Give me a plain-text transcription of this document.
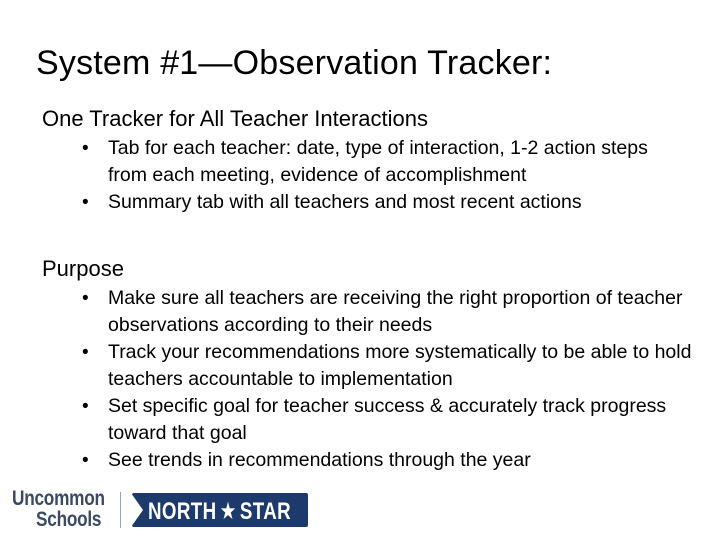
System #1—Observation Tracker:
One Tracker for All Teacher Interactions
• Tab for each teacher: date, type of interaction, 1-2 action steps from each meeting, evidence of accomplishment
• Summary tab with all teachers and most recent actions
Purpose
• Make sure all teachers are receiving the right proportion of teacher observations according to their needs
• Track your recommendations more systematically to be able to hold teachers accountable to implementation
• Set specific goal for teacher success & accurately track progress toward that goal
• See trends in recommendations through the year
Uncommon
Schools NORTH ★ STAR
